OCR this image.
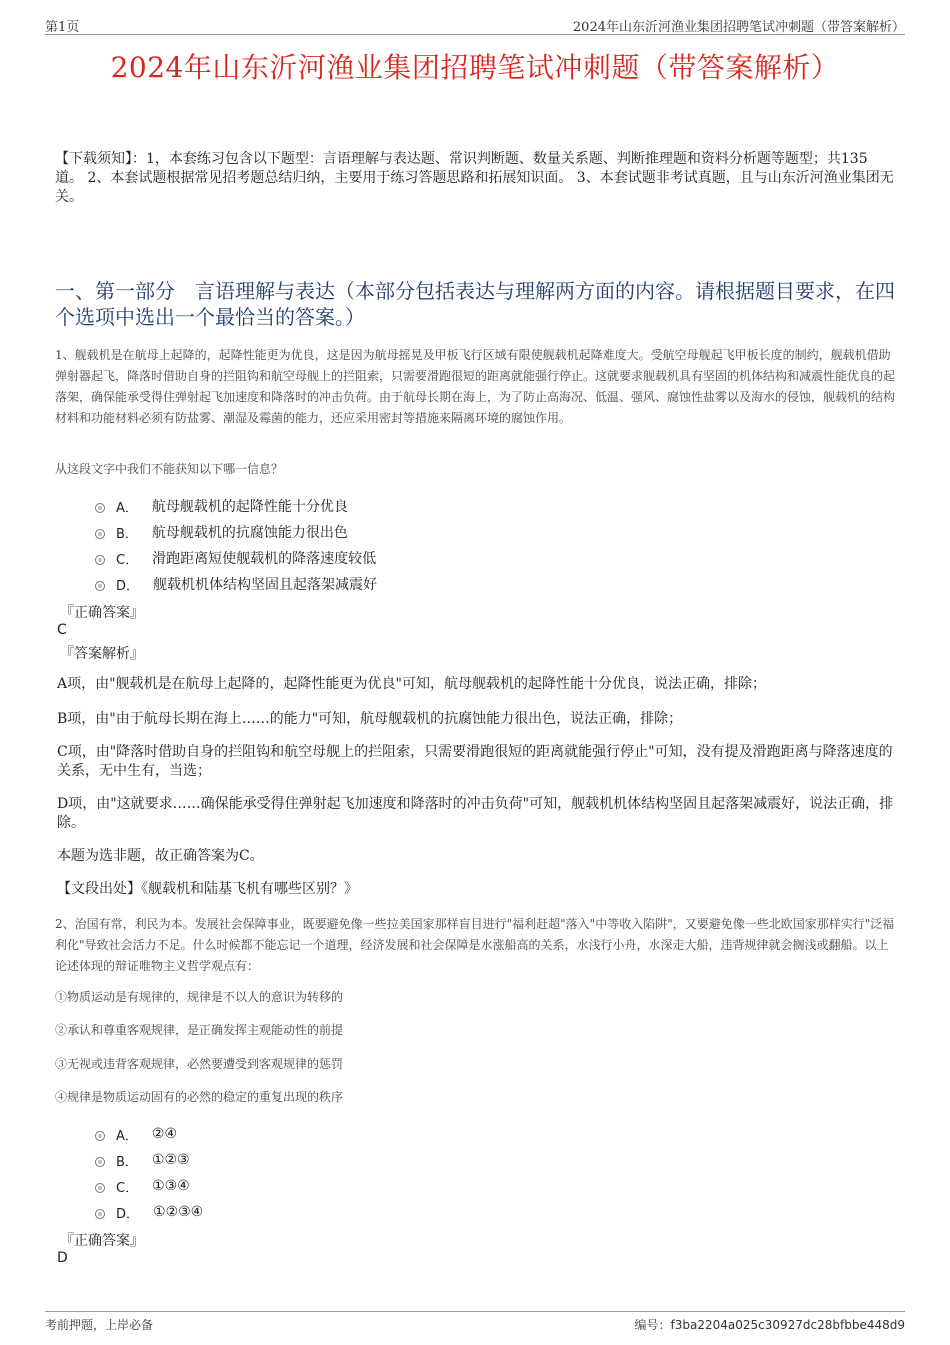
第1页	2024年山东沂河渔业集团招聘笔试冲刺题（带答案解析）
2024年山东沂河渔业集团招聘笔试冲刺题（带答案解析）
【下载须知】：1，本套练习包含以下题型：言语理解与表达题、常识判断题、数量关系题、判断推理题和资料分析题等题型；共135道。 2、本套试题根据常见招考题总结归纳，主要用于练习答题思路和拓展知识面。 3、本套试题非考试真题，且与山东沂河渔业集团无关。
一、第一部分　言语理解与表达（本部分包括表达与理解两方面的内容。请根据题目要求，在四个选项中选出一个最恰当的答案。）
1、舰载机是在航母上起降的，起降性能更为优良，这是因为航母摇晃及甲板飞行区域有限使舰载机起降难度大。受航空母舰起飞甲板长度的制约，舰载机借助弹射器起飞，降落时借助自身的拦阻钩和航空母舰上的拦阻索，只需要滑跑很短的距离就能强行停止。这就要求舰载机具有坚固的机体结构和减震性能优良的起落架，确保能承受得住弹射起飞加速度和降落时的冲击负荷。由于航母长期在海上，为了防止高海况、低温、强风、腐蚀性盐雾以及海水的侵蚀，舰载机的结构材料和功能材料必须有防盐雾、潮湿及霉菌的能力，还应采用密封等措施来隔离环境的腐蚀作用。
从这段文字中我们不能获知以下哪一信息？
A． 航母舰载机的起降性能十分优良
B． 航母舰载机的抗腐蚀能力很出色
C． 滑跑距离短使舰载机的降落速度较低
D． 舰载机机体结构坚固且起落架减震好
『正确答案』
C
『答案解析』
A项，由"舰载机是在航母上起降的，起降性能更为优良"可知，航母舰载机的起降性能十分优良，说法正确，排除；
B项，由"由于航母长期在海上……的能力"可知，航母舰载机的抗腐蚀能力很出色，说法正确，排除；
C项，由"降落时借助自身的拦阻钩和航空母舰上的拦阻索，只需要滑跑很短的距离就能强行停止"可知，没有提及滑跑距离与降落速度的关系，无中生有，当选；
D项，由"这就要求……确保能承受得住弹射起飞加速度和降落时的冲击负荷"可知，舰载机机体结构坚固且起落架减震好，说法正确，排除。
本题为选非题，故正确答案为C。
【文段出处】《舰载机和陆基飞机有哪些区别？》
2、治国有常，利民为本。发展社会保障事业，既要避免像一些拉美国家那样盲目进行"福利赶超"落入"中等收入陷阱"，又要避免像一些北欧国家那样实行"泛福利化"导致社会活力不足。什么时候都不能忘记一个道理，经济发展和社会保障是水涨船高的关系，水浅行小舟，水深走大船，违背规律就会搁浅或翻船。以上论述体现的辩证唯物主义哲学观点有：
①物质运动是有规律的，规律是不以人的意识为转移的
②承认和尊重客观规律，是正确发挥主观能动性的前提
③无视或违背客观规律，必然要遭受到客观规律的惩罚
④规律是物质运动固有的必然的稳定的重复出现的秩序
A． ②④
B． ①②③
C． ①③④
D． ①②③④
『正确答案』
D
考前押题，上岸必备	编号：f3ba2204a025c30927dc28bfbbe448d9
